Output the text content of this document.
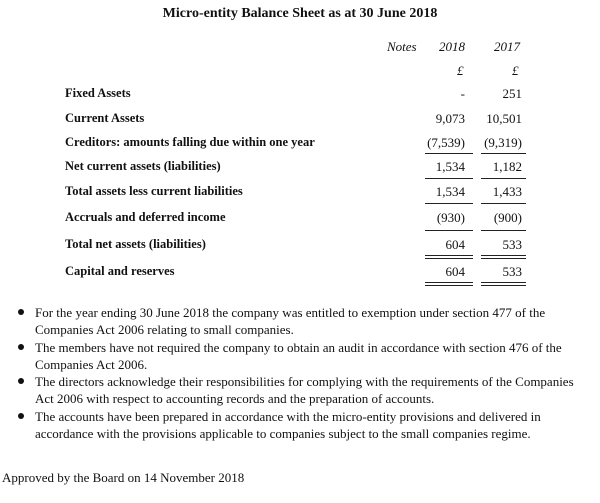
Micro-entity Balance Sheet as at 30 June 2018
Notes 2018 2017
£	£
Fixed Assets	-	251
Current Assets	9,073	10,501
Creditors: amounts falling due within one year	(7,539)	(9,319)
Net current assets (liabilities)	1,534	1,182
Total assets less current liabilities	1,534	1,433
Accruals and deferred income	(930)	(900)
Total net assets (liabilities)	604	533
Capital and reserves	604	533
For the year ending 30 June 2018 the company was entitled to exemption under section 477 of the Companies Act 2006 relating to small companies.
The members have not required the company to obtain an audit in accordance with section 476 of the Companies Act 2006.
The directors acknowledge their responsibilities for complying with the requirements of the Companies Act 2006 with respect to accounting records and the preparation of accounts.
The accounts have been prepared in accordance with the micro-entity provisions and delivered in accordance with the provisions applicable to companies subject to the small companies regime.
Approved by the Board on 14 November 2018
